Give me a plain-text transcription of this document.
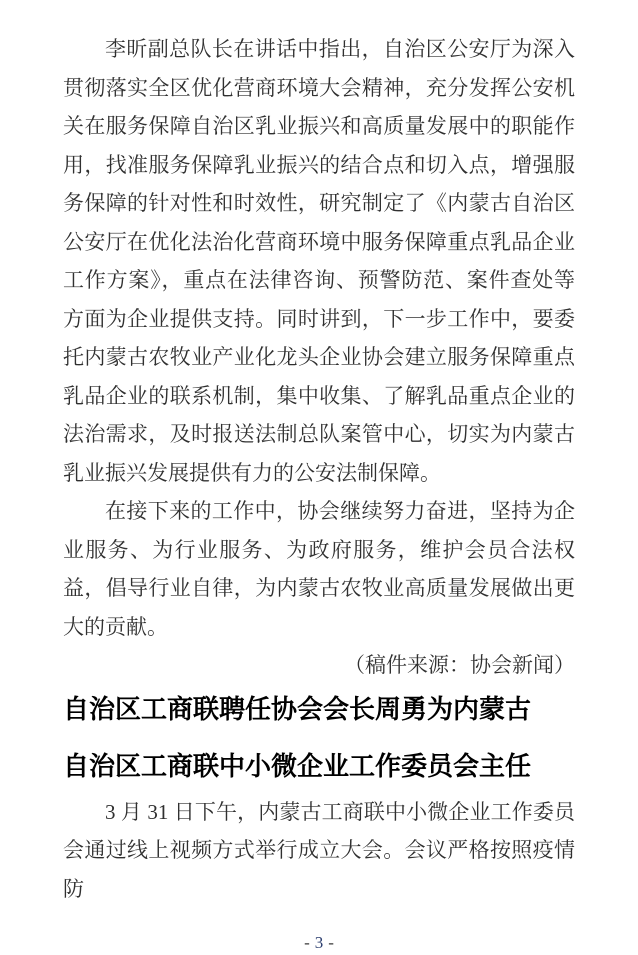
李昕副总队长在讲话中指出，自治区公安厅为深入贯彻落实全区优化营商环境大会精神，充分发挥公安机关在服务保障自治区乳业振兴和高质量发展中的职能作用，找准服务保障乳业振兴的结合点和切入点，增强服务保障的针对性和时效性，研究制定了《内蒙古自治区公安厅在优化法治化营商环境中服务保障重点乳品企业工作方案》，重点在法律咨询、预警防范、案件查处等方面为企业提供支持。同时讲到，下一步工作中，要委托内蒙古农牧业产业化龙头企业协会建立服务保障重点乳品企业的联系机制，集中收集、了解乳品重点企业的法治需求，及时报送法制总队案管中心，切实为内蒙古乳业振兴发展提供有力的公安法制保障。

在接下来的工作中，协会继续努力奋进，坚持为企业服务、为行业服务、为政府服务，维护会员合法权益，倡导行业自律，为内蒙古农牧业高质量发展做出更大的贡献。

（稿件来源：协会新闻）

自治区工商联聘任协会会长周勇为内蒙古
自治区工商联中小微企业工作委员会主任

3 月 31 日下午，内蒙古工商联中小微企业工作委员会通过线上视频方式举行成立大会。会议严格按照疫情防

- 3 -
